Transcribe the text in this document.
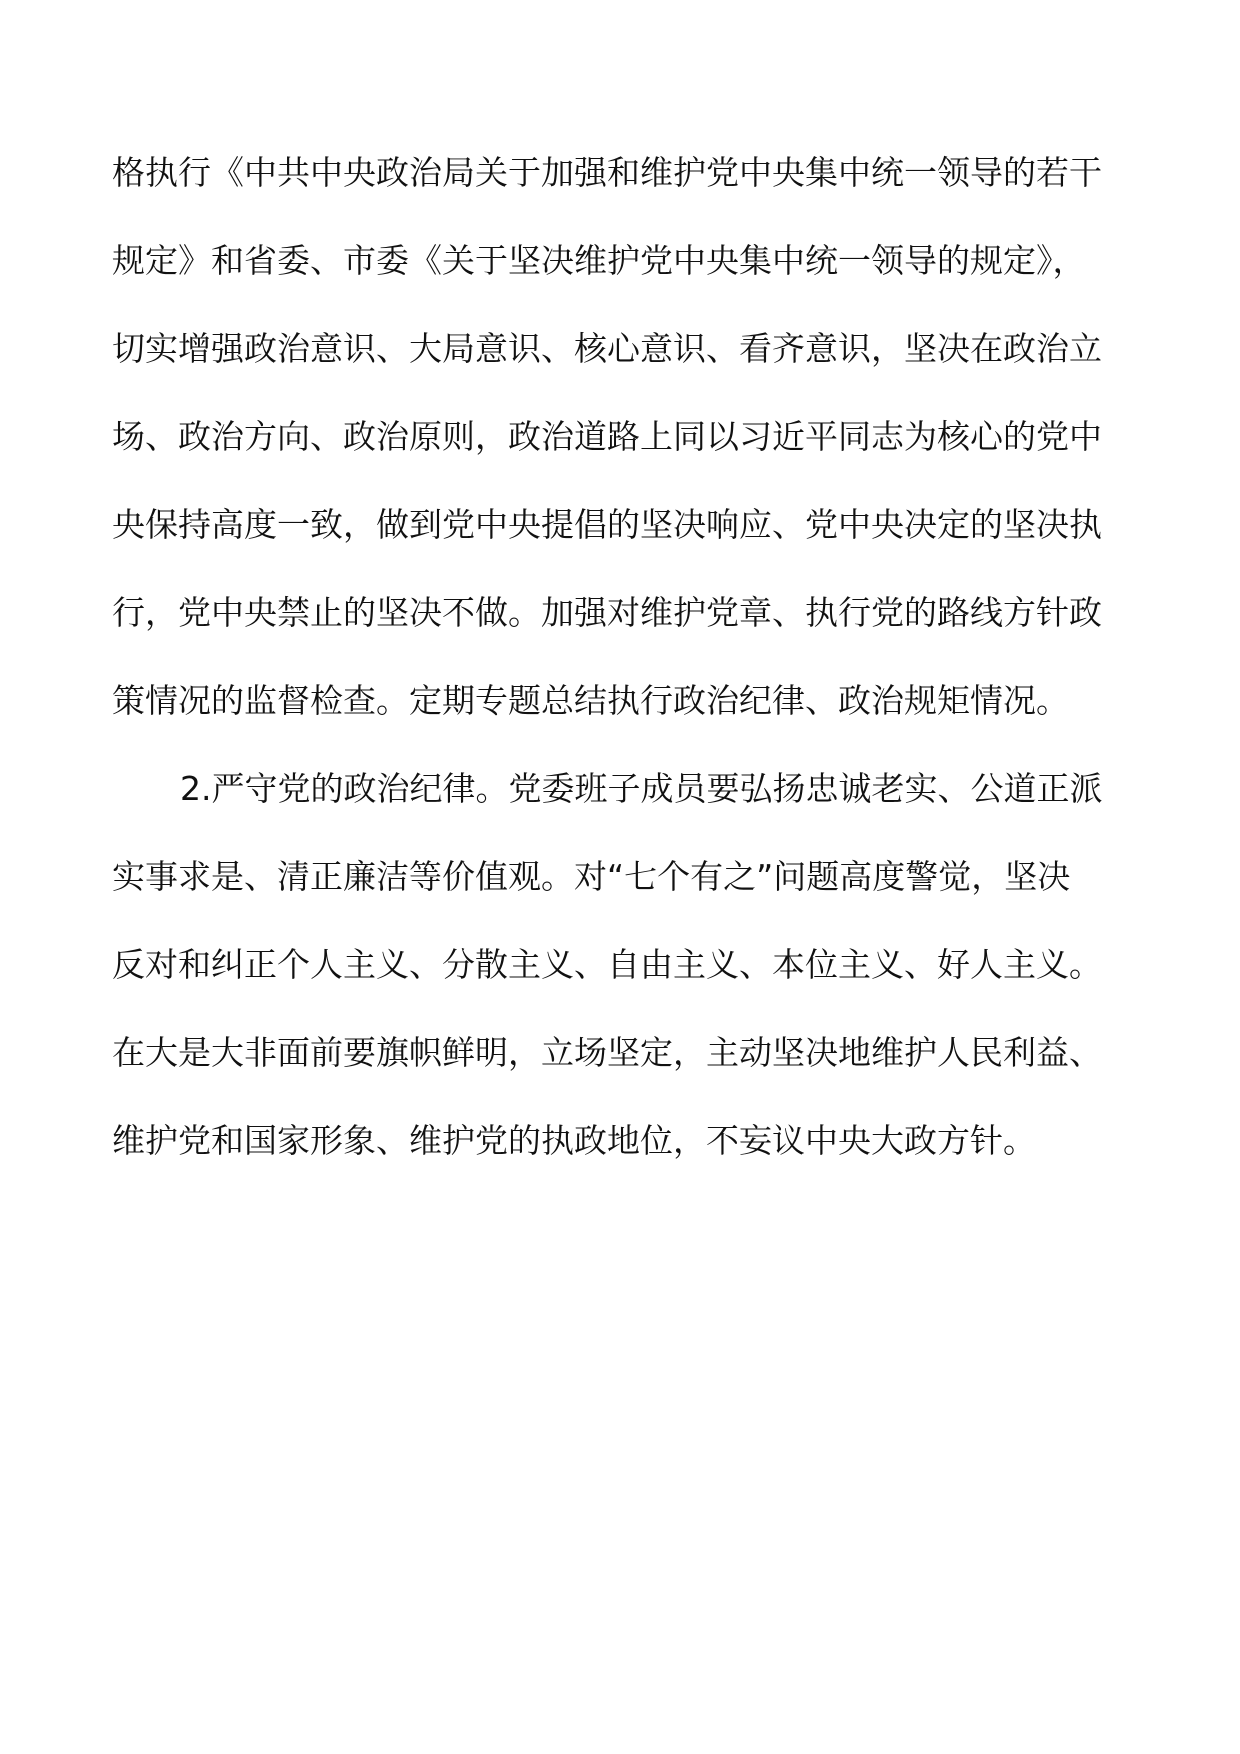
格执行《中共中央政治局关于加强和维护党中央集中统一领导的若干
规定》和省委、市委《关于坚决维护党中央集中统一领导的规定》，
切实增强政治意识、大局意识、核心意识、看齐意识，坚决在政治立
场、政治方向、政治原则，政治道路上同以习近平同志为核心的党中
央保持高度一致，做到党中央提倡的坚决响应、党中央决定的坚决执
行，党中央禁止的坚决不做。加强对维护党章、执行党的路线方针政
策情况的监督检查。定期专题总结执行政治纪律、政治规矩情况。
2.严守党的政治纪律。党委班子成员要弘扬忠诚老实、公道正派
实事求是、清正廉洁等价值观。对“七个有之”问题高度警觉，坚决
反对和纠正个人主义、分散主义、自由主义、本位主义、好人主义。
在大是大非面前要旗帜鲜明，立场坚定，主动坚决地维护人民利益、
维护党和国家形象、维护党的执政地位，不妄议中央大政方针。
